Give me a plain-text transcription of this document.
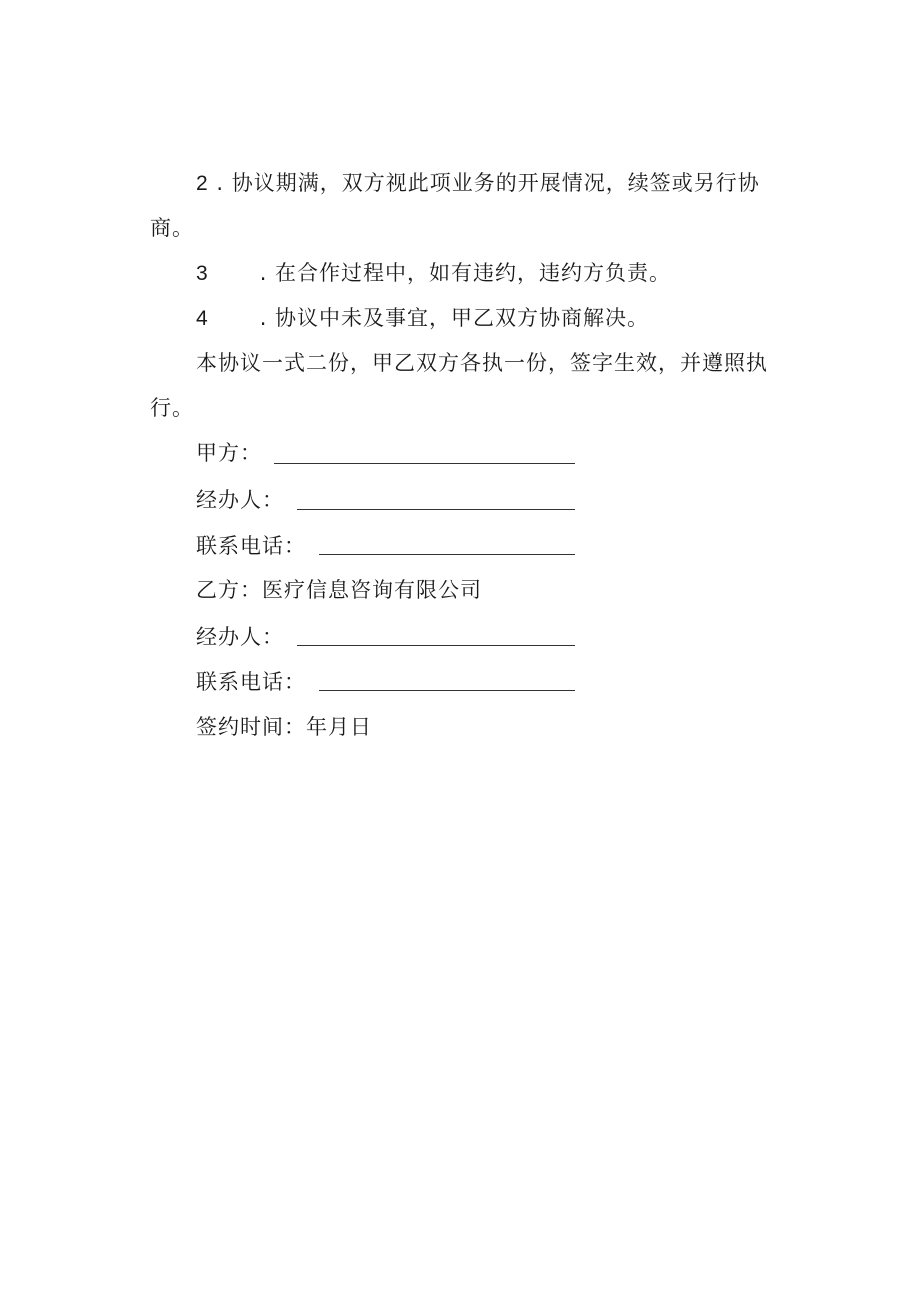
2 . 协议期满，双方视此项业务的开展情况，续签或另行协
商。
3 . 在合作过程中，如有违约，违约方负责。
4 . 协议中未及事宜，甲乙双方协商解决。
本协议一式二份，甲乙双方各执一份，签字生效，并遵照执
行。
甲方：
经办人：
联系电话：
乙方：医疗信息咨询有限公司
经办人：
联系电话：
签约时间：年月日
